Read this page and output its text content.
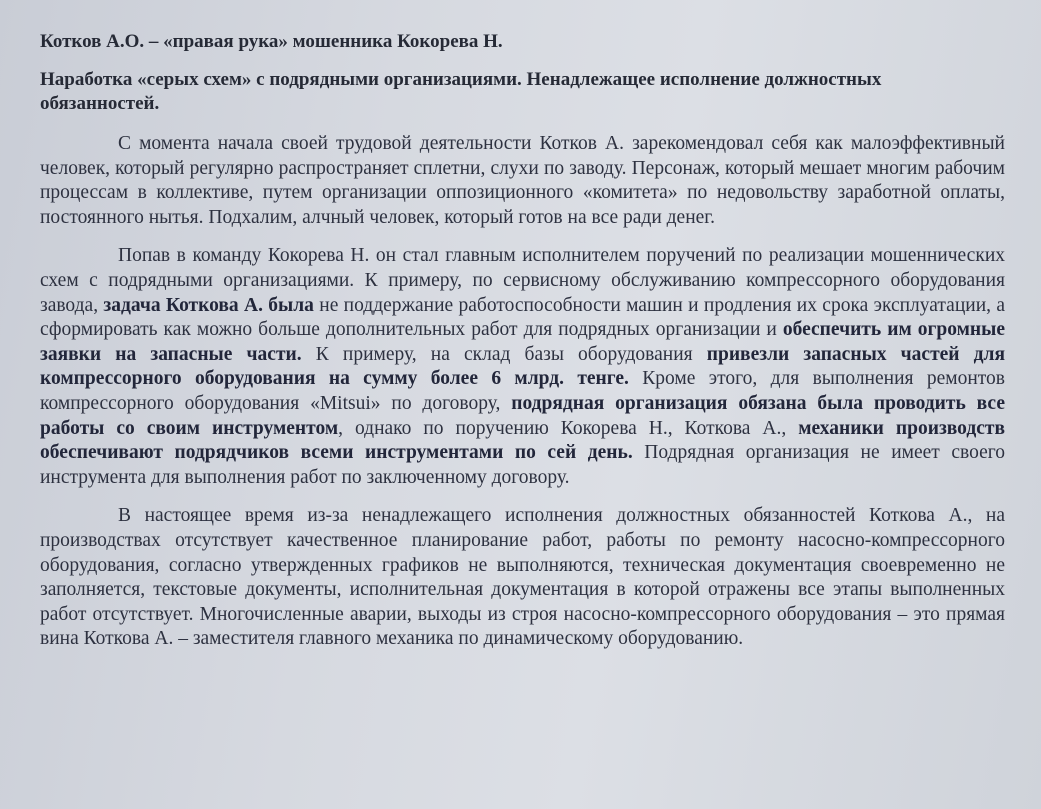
Котков А.О. – «правая рука» мошенника Кокорева Н.
Наработка «серых схем» с подрядными организациями. Ненадлежащее исполнение должностных обязанностей.

С момента начала своей трудовой деятельности Котков А. зарекомендовал себя как малоэффективный человек, который регулярно распространяет сплетни, слухи по заводу. Персонаж, который мешает многим рабочим процессам в коллективе, путем организации оппозиционного «комитета» по недовольству заработной оплаты, постоянного нытья. Подхалим, алчный человек, который готов на все ради денег.

Попав в команду Кокорева Н. он стал главным исполнителем поручений по реализации мошеннических схем с подрядными организациями. К примеру, по сервисному обслуживанию компрессорного оборудования завода, задача Коткова А. была не поддержание работоспособности машин и продления их срока эксплуатации, а сформировать как можно больше дополнительных работ для подрядных организации и обеспечить им огромные заявки на запасные части. К примеру, на склад базы оборудования привезли запасных частей для компрессорного оборудования на сумму более 6 млрд. тенге. Кроме этого, для выполнения ремонтов компрессорного оборудования «Mitsui» по договору, подрядная организация обязана была проводить все работы со своим инструментом, однако по поручению Кокорева Н., Коткова А., механики производств обеспечивают подрядчиков всеми инструментами по сей день. Подрядная организация не имеет своего инструмента для выполнения работ по заключенному договору.

В настоящее время из-за ненадлежащего исполнения должностных обязанностей Коткова А., на производствах отсутствует качественное планирование работ, работы по ремонту насосно-компрессорного оборудования, согласно утвержденных графиков не выполняются, техническая документация своевременно не заполняется, текстовые документы, исполнительная документация в которой отражены все этапы выполненных работ отсутствует. Многочисленные аварии, выходы из строя насосно-компрессорного оборудования – это прямая вина Коткова А. – заместителя главного механика по динамическому оборудованию.
